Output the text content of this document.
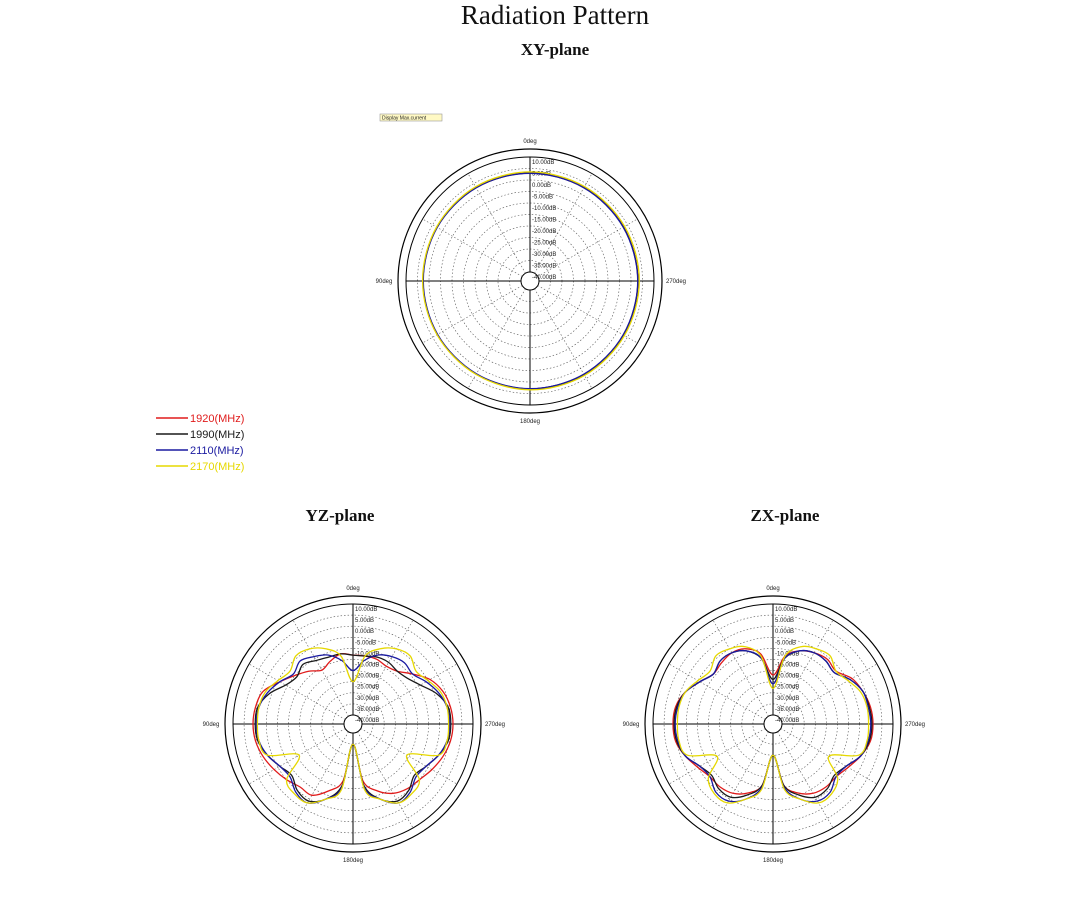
Radiation Pattern
XY-plane
YZ-plane	ZX-plane
0deg
90deg
180deg
270deg
10.00dB
5.00dB
0.00dB
-5.00dB
-10.00dB
-15.00dB
-20.00dB
-25.00dB
-30.00dB
-35.00dB
-40.00dB
Display Max.current
0deg
90deg
180deg
270deg
10.00dB
5.00dB
0.00dB
-5.00dB
-10.00dB
-15.00dB
-20.00dB
-25.00dB
-30.00dB
-35.00dB
-40.00dB
0deg
90deg
180deg
270deg
10.00dB
5.00dB
0.00dB
-5.00dB
-10.00dB
-15.00dB
-20.00dB
-25.00dB
-30.00dB
-35.00dB
-40.00dB
1920(MHz)
1990(MHz)
2110(MHz)
2170(MHz)
